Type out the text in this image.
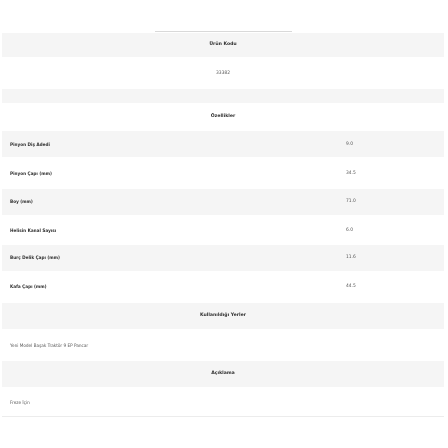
Ürün Kodu
33382
Özellikler
Pinyon Diş Adedi	9.0
Pinyon Çapı (mm)	34.5
Boy (mm)	71.0
Helisin Kanal Sayısı	6.0
Burç Delik Çapı (mm)	11.6
Kafa Çapı (mm)	44.5
Kullanıldığı Yerler
Yeni Model Başak Traktör 9 EP Pancar
Açıklama
Freze İçin
